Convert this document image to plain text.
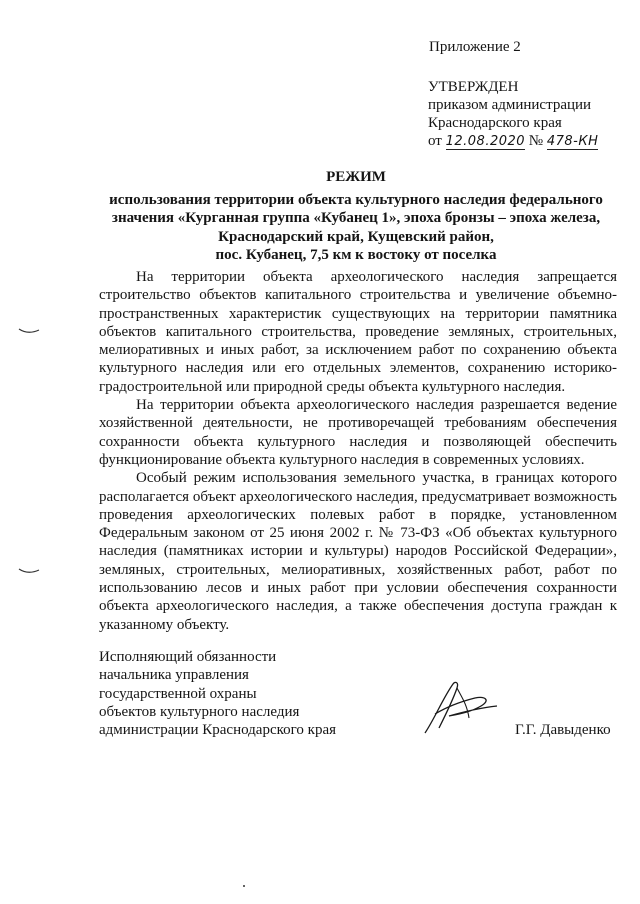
Приложение 2
УТВЕРЖДЕН
приказом администрации
Краснодарского края
от 12.08.2020 № 478-КН
РЕЖИМ
использования территории объекта культурного наследия федерального
значения «Курганная группа «Кубанец 1», эпоха бронзы – эпоха железа,
Краснодарский край, Кущевский район,
пос. Кубанец, 7,5 км к востоку от поселка

На территории объекта археологического наследия запрещается строительство объектов капитального строительства и увеличение объемно-пространственных характеристик существующих на территории памятника объектов капитального строительства, проведение земляных, строительных, мелиоративных и иных работ, за исключением работ по сохранению объекта культурного наследия или его отдельных элементов, сохранению историко-градостроительной или природной среды объекта культурного наследия.

На территории объекта археологического наследия разрешается ведение хозяйственной деятельности, не противоречащей требованиям обеспечения сохранности объекта культурного наследия и позволяющей обеспечить функционирование объекта культурного наследия в современных условиях.

Особый режим использования земельного участка, в границах которого располагается объект археологического наследия, предусматривает возможность проведения археологических полевых работ в порядке, установленном Федеральным законом от 25 июня 2002 г. № 73-ФЗ «Об объектах культурного наследия (памятниках истории и культуры) народов Российской Федерации», земляных, строительных, мелиоративных, хозяйственных работ, работ по использованию лесов и иных работ при условии обеспечения сохранности объекта археологического наследия, а также обеспечения доступа граждан к указанному объекту.

Исполняющий обязанности
начальника управления
государственной охраны
объектов культурного наследия
администрации Краснодарского края	Г.Г. Давыденко
